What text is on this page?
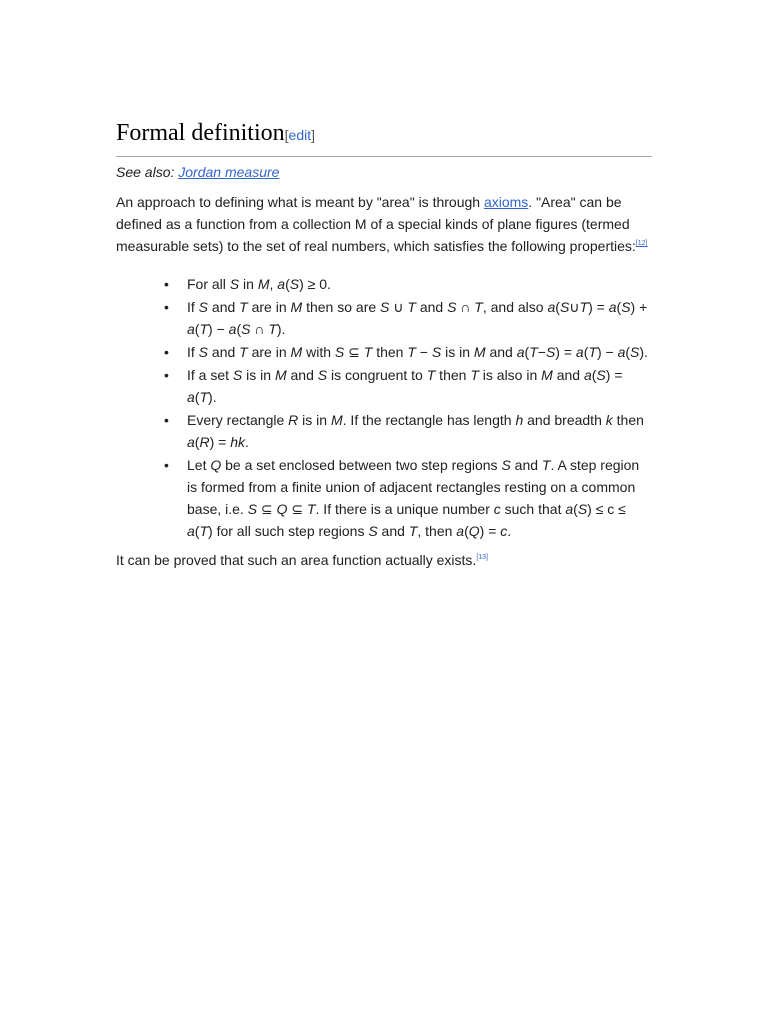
Formal definition[edit]
See also: Jordan measure

An approach to defining what is meant by "area" is through axioms. "Area" can be defined as a function from a collection M of a special kinds of plane figures (termed measurable sets) to the set of real numbers, which satisfies the following properties:[12]

• For all S in M, a(S) ≥ 0.
• If S and T are in M then so are S ∪ T and S ∩ T, and also a(S∪T) = a(S) + a(T) − a(S ∩ T).
• If S and T are in M with S ⊆ T then T − S is in M and a(T−S) = a(T) − a(S).
• If a set S is in M and S is congruent to T then T is also in M and a(S) = a(T).
• Every rectangle R is in M. If the rectangle has length h and breadth k then a(R) = hk.
• Let Q be a set enclosed between two step regions S and T. A step region is formed from a finite union of adjacent rectangles resting on a common base, i.e. S ⊆ Q ⊆ T. If there is a unique number c such that a(S) ≤ c ≤ a(T) for all such step regions S and T, then a(Q) = c.

It can be proved that such an area function actually exists.[13]
